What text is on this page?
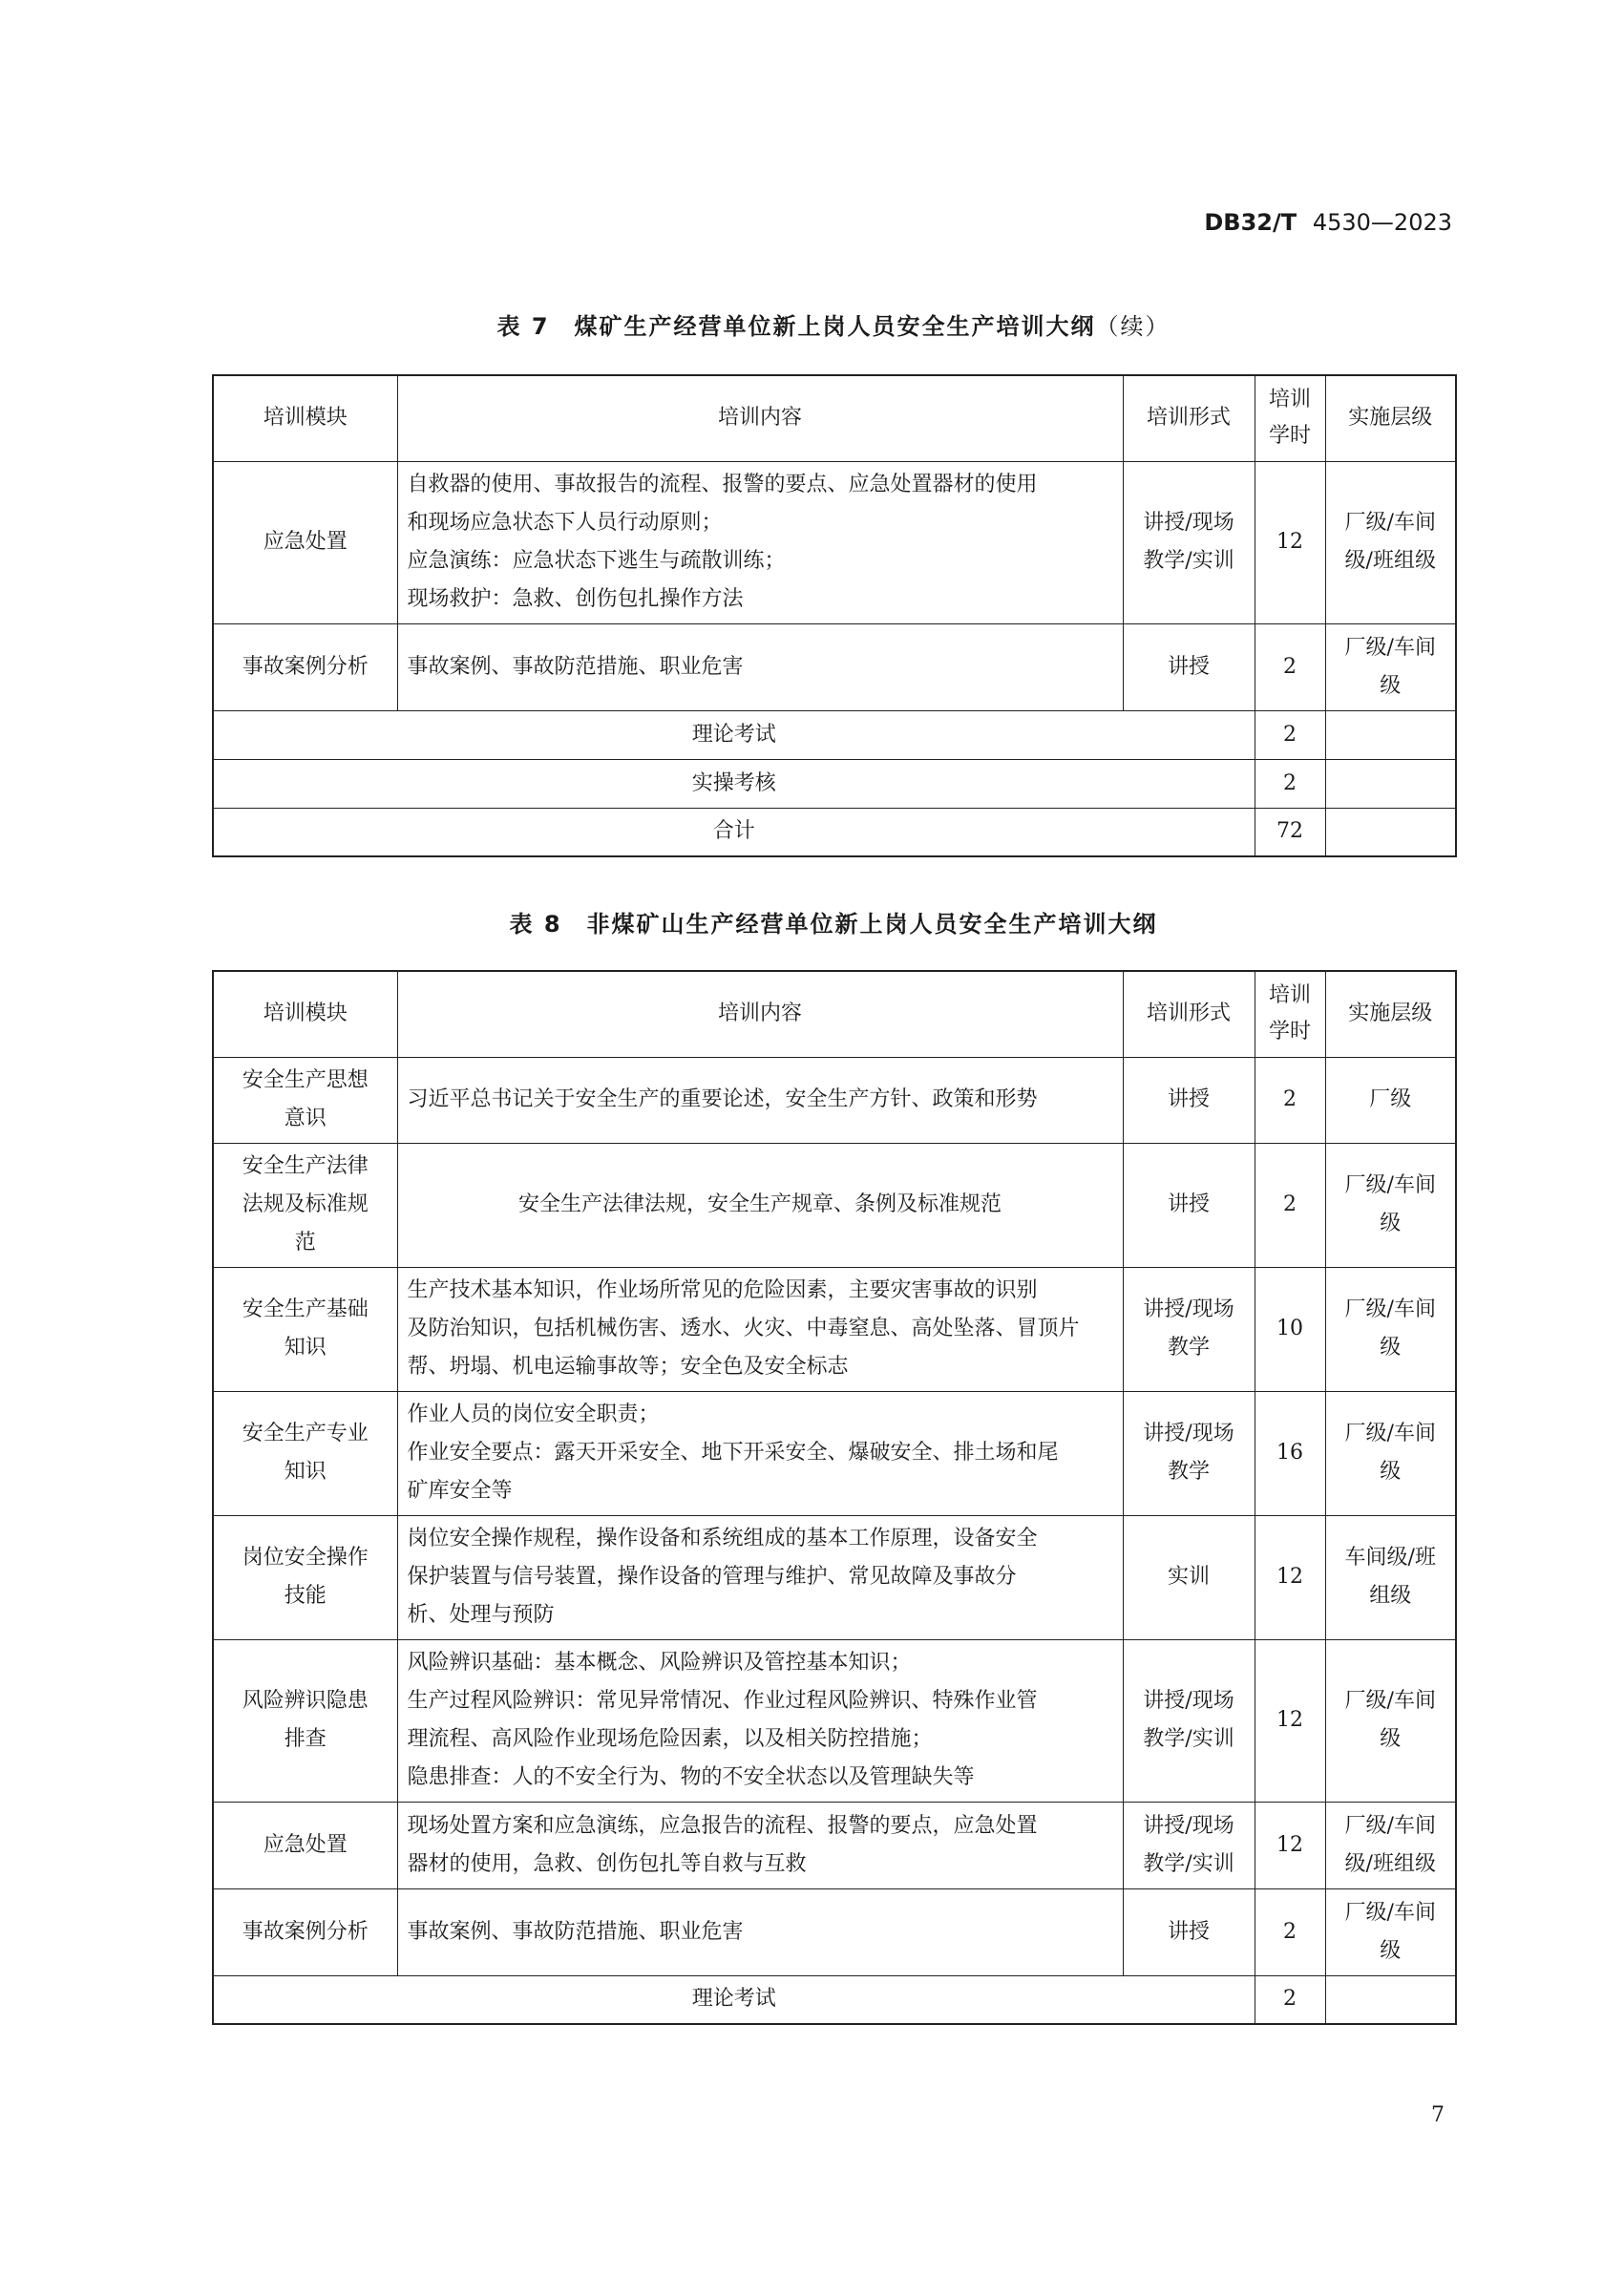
DB32/T 4530—2023
表 7　煤矿生产经营单位新上岗人员安全生产培训大纲（续）
培训模块	培训内容	培训形式	培训
学时	实施层级
应急处置	自救器的使用、事故报告的流程、报警的要点、应急处置器材的使用
和现场应急状态下人员行动原则；
应急演练：应急状态下逃生与疏散训练；
现场救护：急救、创伤包扎操作方法	讲授/现场
教学/实训	12	厂级/车间
级/班组级
事故案例分析	事故案例、事故防范措施、职业危害	讲授	2	厂级/车间
级
理论考试			2	
实操考核			2	
合计			72	
表 8　非煤矿山生产经营单位新上岗人员安全生产培训大纲
培训模块	培训内容	培训形式	培训
学时	实施层级
安全生产思想
意识	习近平总书记关于安全生产的重要论述，安全生产方针、政策和形势	讲授	2	厂级
安全生产法律
法规及标准规
范	安全生产法律法规，安全生产规章、条例及标准规范	讲授	2	厂级/车间
级
安全生产基础
知识	生产技术基本知识，作业场所常见的危险因素，主要灾害事故的识别
及防治知识，包括机械伤害、透水、火灾、中毒窒息、高处坠落、冒顶片
帮、坍塌、机电运输事故等；安全色及安全标志	讲授/现场
教学	10	厂级/车间
级
安全生产专业
知识	作业人员的岗位安全职责；
作业安全要点：露天开采安全、地下开采安全、爆破安全、排土场和尾
矿库安全等	讲授/现场
教学	16	厂级/车间
级
岗位安全操作
技能	岗位安全操作规程，操作设备和系统组成的基本工作原理，设备安全
保护装置与信号装置，操作设备的管理与维护、常见故障及事故分
析、处理与预防	实训	12	车间级/班
组级
风险辨识隐患
排查	风险辨识基础：基本概念、风险辨识及管控基本知识；
生产过程风险辨识：常见异常情况、作业过程风险辨识、特殊作业管
理流程、高风险作业现场危险因素，以及相关防控措施；
隐患排查：人的不安全行为、物的不安全状态以及管理缺失等	讲授/现场
教学/实训	12	厂级/车间
级
应急处置	现场处置方案和应急演练，应急报告的流程、报警的要点，应急处置
器材的使用，急救、创伤包扎等自救与互救	讲授/现场
教学/实训	12	厂级/车间
级/班组级
事故案例分析	事故案例、事故防范措施、职业危害	讲授	2	厂级/车间
级
理论考试			2	
7
